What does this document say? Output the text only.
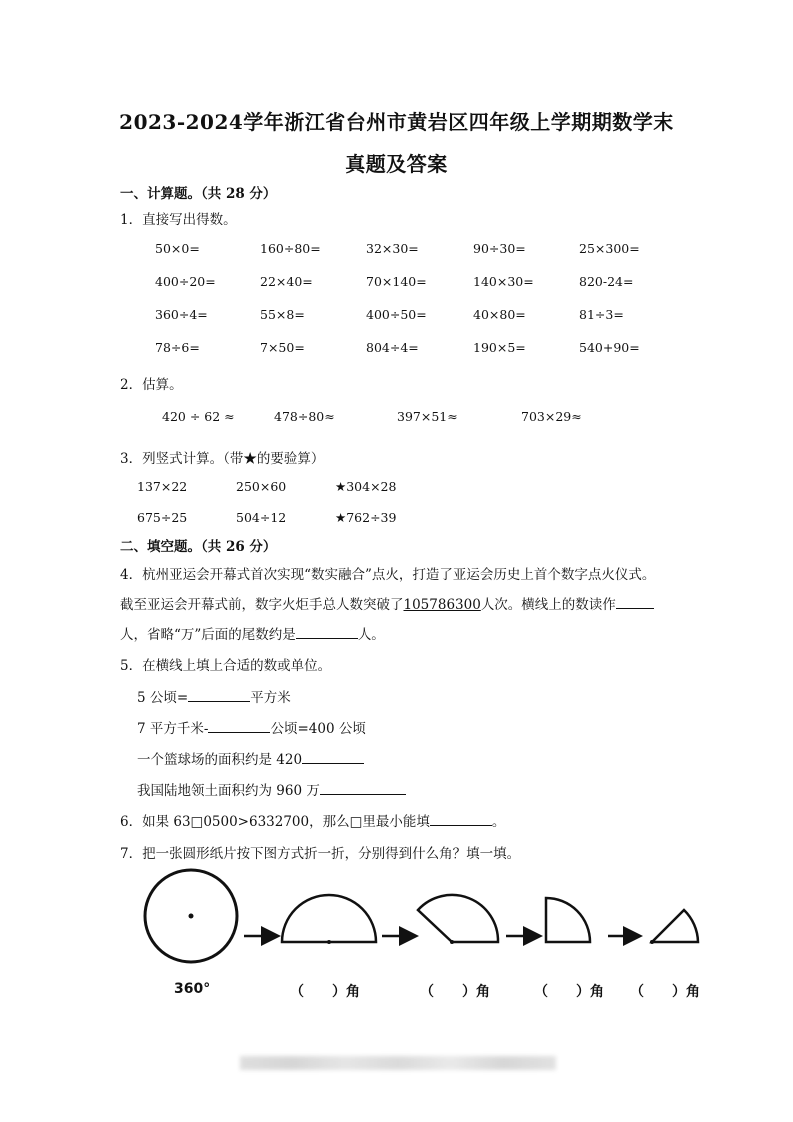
2023-2024学年浙江省台州市黄岩区四年级上学期期数学末
真题及答案
一、计算题。（共 28 分）
1．直接写出得数。
2．估算。
3．列竖式计算。（带★的要验算）
二、填空题。（共 26 分）
4．杭州亚运会开幕式首次实现“数实融合”点火，打造了亚运会历史上首个数字点火仪式。
截至亚运会开幕式前，数字火炬手总人数突破了105786300人次。横线上的数读作
人，省略“万”后面的尾数约是	人。
5．在横线上填上合适的数或单位。
5 公顷=	平方米
7 平方千米-	公顷=400 公顷
一个篮球场的面积约是 420
我国陆地领土面积约为 960 万
6．如果 63□0500>6332700，那么□里最小能填	。
7．把一张圆形纸片按下图方式折一折，分别得到什么角？填一填。
360°	（　　）角	（　　）角	（　　）角 （　　）角
50×0=	160÷80=	32×30=	90÷30=	25×300=
400÷20=	22×40=	70×140=	140×30=	820-24=
360÷4=	55×8=	400÷50=	40×80=	81÷3=
78÷6=	7×50=	804÷4=	190×5=	540+90=
420 ÷ 62 ≈	478÷80≈	397×51≈	703×29≈
137×22	250×60	★304×28
675÷25	504÷12	★762÷39
